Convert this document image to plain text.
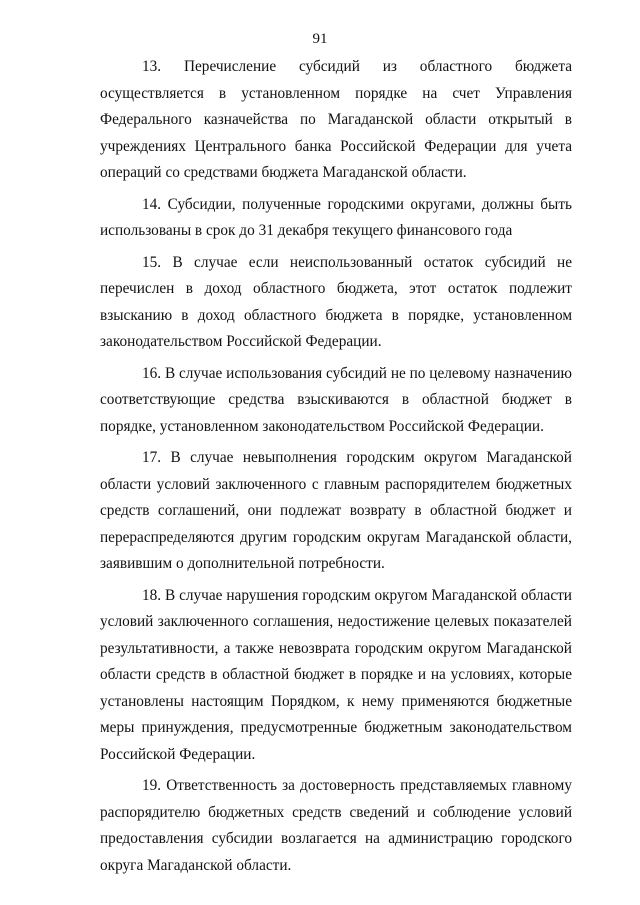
91

13. Перечисление субсидий из областного бюджета осуществляется в установленном порядке на счет Управления Федерального казначейства по Магаданской области открытый в учреждениях Центрального банка Российской Федерации для учета операций со средствами бюджета Магаданской области.

14. Субсидии, полученные городскими округами, должны быть использованы в срок до 31 декабря текущего финансового года

15. В случае если неиспользованный остаток субсидий не перечислен в доход областного бюджета, этот остаток подлежит взысканию в доход областного бюджета в порядке, установленном законодательством Российской Федерации.

16. В случае использования субсидий не по целевому назначению соответствующие средства взыскиваются в областной бюджет в порядке, установленном законодательством Российской Федерации.

17. В случае невыполнения городским округом Магаданской области условий заключенного с главным распорядителем бюджетных средств соглашений, они подлежат возврату в областной бюджет и перераспределяются другим городским округам Магаданской области, заявившим о дополнительной потребности.

18. В случае нарушения городским округом Магаданской области условий заключенного соглашения, недостижение целевых показателей результативности, а также невозврата городским округом Магаданской области средств в областной бюджет в порядке и на условиях, которые установлены настоящим Порядком, к нему применяются бюджетные меры принуждения, предусмотренные бюджетным законодательством Российской Федерации.

19. Ответственность за достоверность представляемых главному распорядителю бюджетных средств сведений и соблюдение условий предоставления субсидии возлагается на администрацию городского округа Магаданской области.
